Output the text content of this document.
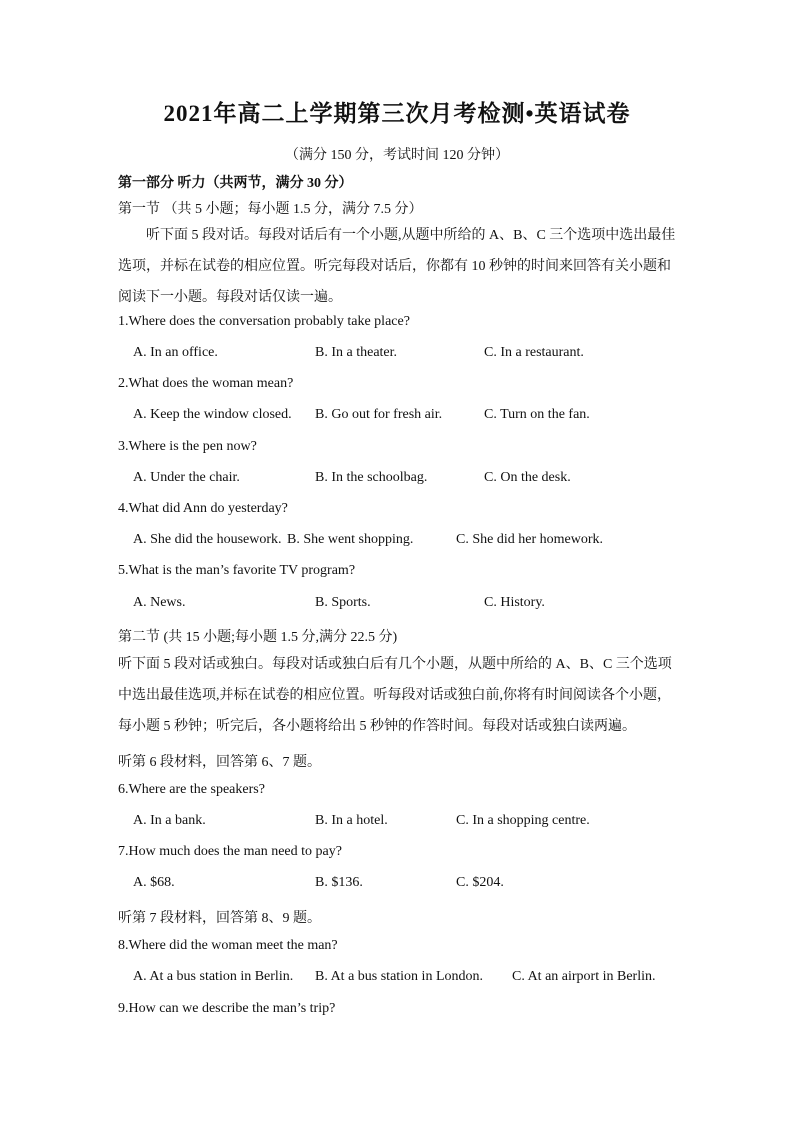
2021年高二上学期第三次月考检测•英语试卷
（满分 150 分，考试时间 120 分钟）
第一部分 听力（共两节，满分 30 分）
第一节 （共 5 小题；每小题 1.5 分，满分 7.5 分）
听下面 5 段对话。每段对话后有一个小题,从题中所给的 A、B、C 三个选项中选出最佳选项，并标在试卷的相应位置。听完每段对话后，你都有 10 秒钟的时间来回答有关小题和阅读下一小题。每段对话仅读一遍。
1.Where does the conversation probably take place?
A. In an office.	B. In a theater.	C. In a restaurant.
2.What does the woman mean?
A. Keep the window closed. B. Go out for fresh air.	C. Turn on the fan.
3.Where is the pen now?
A. Under the chair.	B. In the schoolbag.	C. On the desk.
4.What did Ann do yesterday?
A. She did the housework. B. She went shopping.	C. She did her homework.
5.What is the man’s favorite TV program?
A. News.	B. Sports.	C. History.
第二节 (共 15 小题;每小题 1.5 分,满分 22.5 分)
听下面 5 段对话或独白。每段对话或独白后有几个小题，从题中所给的 A、B、C 三个选项中选出最佳选项,并标在试卷的相应位置。听每段对话或独白前,你将有时间阅读各个小题，每小题 5 秒钟；听完后，各小题将给出 5 秒钟的作答时间。每段对话或独白读两遍。
听第 6 段材料，回答第 6、7 题。
6.Where are the speakers?
A. In a bank.	B. In a hotel.	C. In a shopping centre.
7.How much does the man need to pay?
A. $68.	B. $136.	C. $204.
听第 7 段材料，回答第 8、9 题。
8.Where did the woman meet the man?
A. At a bus station in Berlin. B. At a bus station in London. C. At an airport in Berlin.
9.How can we describe the man’s trip?
